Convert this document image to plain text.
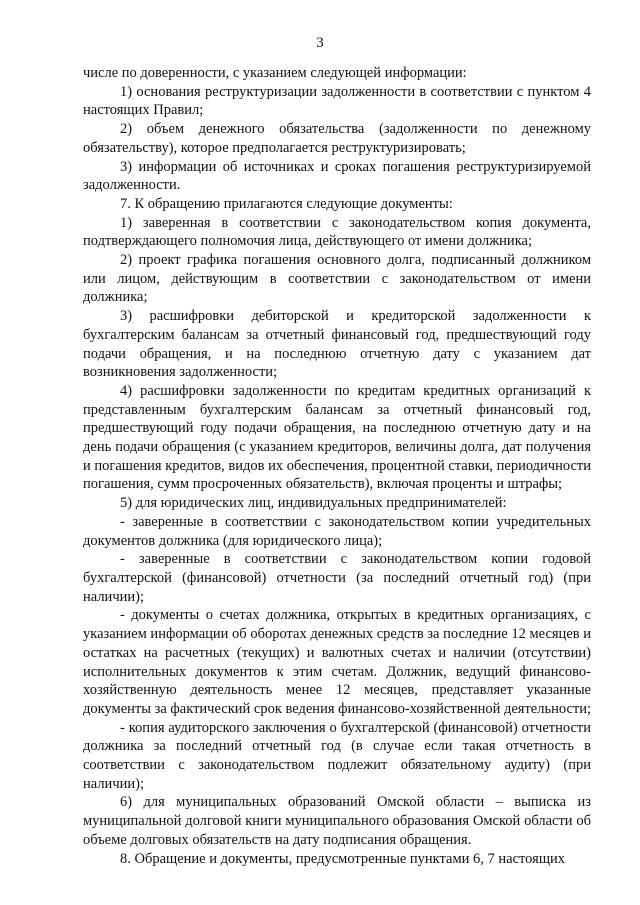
3

числе по доверенности, с указанием следующей информации:

1) основания реструктуризации задолженности в соответствии с пунктом 4 настоящих Правил;

2) объем денежного обязательства (задолженности по денежному обязательству), которое предполагается реструктуризировать;

3) информации об источниках и сроках погашения реструктуризируемой задолженности.

7. К обращению прилагаются следующие документы:

1) заверенная в соответствии с законодательством копия документа, подтверждающего полномочия лица, действующего от имени должника;

2) проект графика погашения основного долга, подписанный должником или лицом, действующим в соответствии с законодательством от имени должника;

3) расшифровки дебиторской и кредиторской задолженности к бухгалтерским балансам за отчетный финансовый год, предшествующий году подачи обращения, и на последнюю отчетную дату с указанием дат возникновения задолженности;

4) расшифровки задолженности по кредитам кредитных организаций к представленным бухгалтерским балансам за отчетный финансовый год, предшествующий году подачи обращения, на последнюю отчетную дату и на день подачи обращения (с указанием кредиторов, величины долга, дат получения и погашения кредитов, видов их обеспечения, процентной ставки, периодичности погашения, сумм просроченных обязательств), включая проценты и штрафы;

5) для юридических лиц, индивидуальных предпринимателей:

- заверенные в соответствии с законодательством копии учредительных документов должника (для юридического лица);

- заверенные в соответствии с законодательством копии годовой бухгалтерской (финансовой) отчетности (за последний отчетный год) (при наличии);

- документы о счетах должника, открытых в кредитных организациях, с указанием информации об оборотах денежных средств за последние 12 месяцев и остатках на расчетных (текущих) и валютных счетах и наличии (отсутствии) исполнительных документов к этим счетам. Должник, ведущий финансово-хозяйственную деятельность менее 12 месяцев, представляет указанные документы за фактический срок ведения финансово-хозяйственной деятельности;

- копия аудиторского заключения о бухгалтерской (финансовой) отчетности должника за последний отчетный год (в случае если такая отчетность в соответствии с законодательством подлежит обязательному аудиту) (при наличии);

6) для муниципальных образований Омской области – выписка из муниципальной долговой книги муниципального образования Омской области об объеме долговых обязательств на дату подписания обращения.

8. Обращение и документы, предусмотренные пунктами 6, 7 настоящих
